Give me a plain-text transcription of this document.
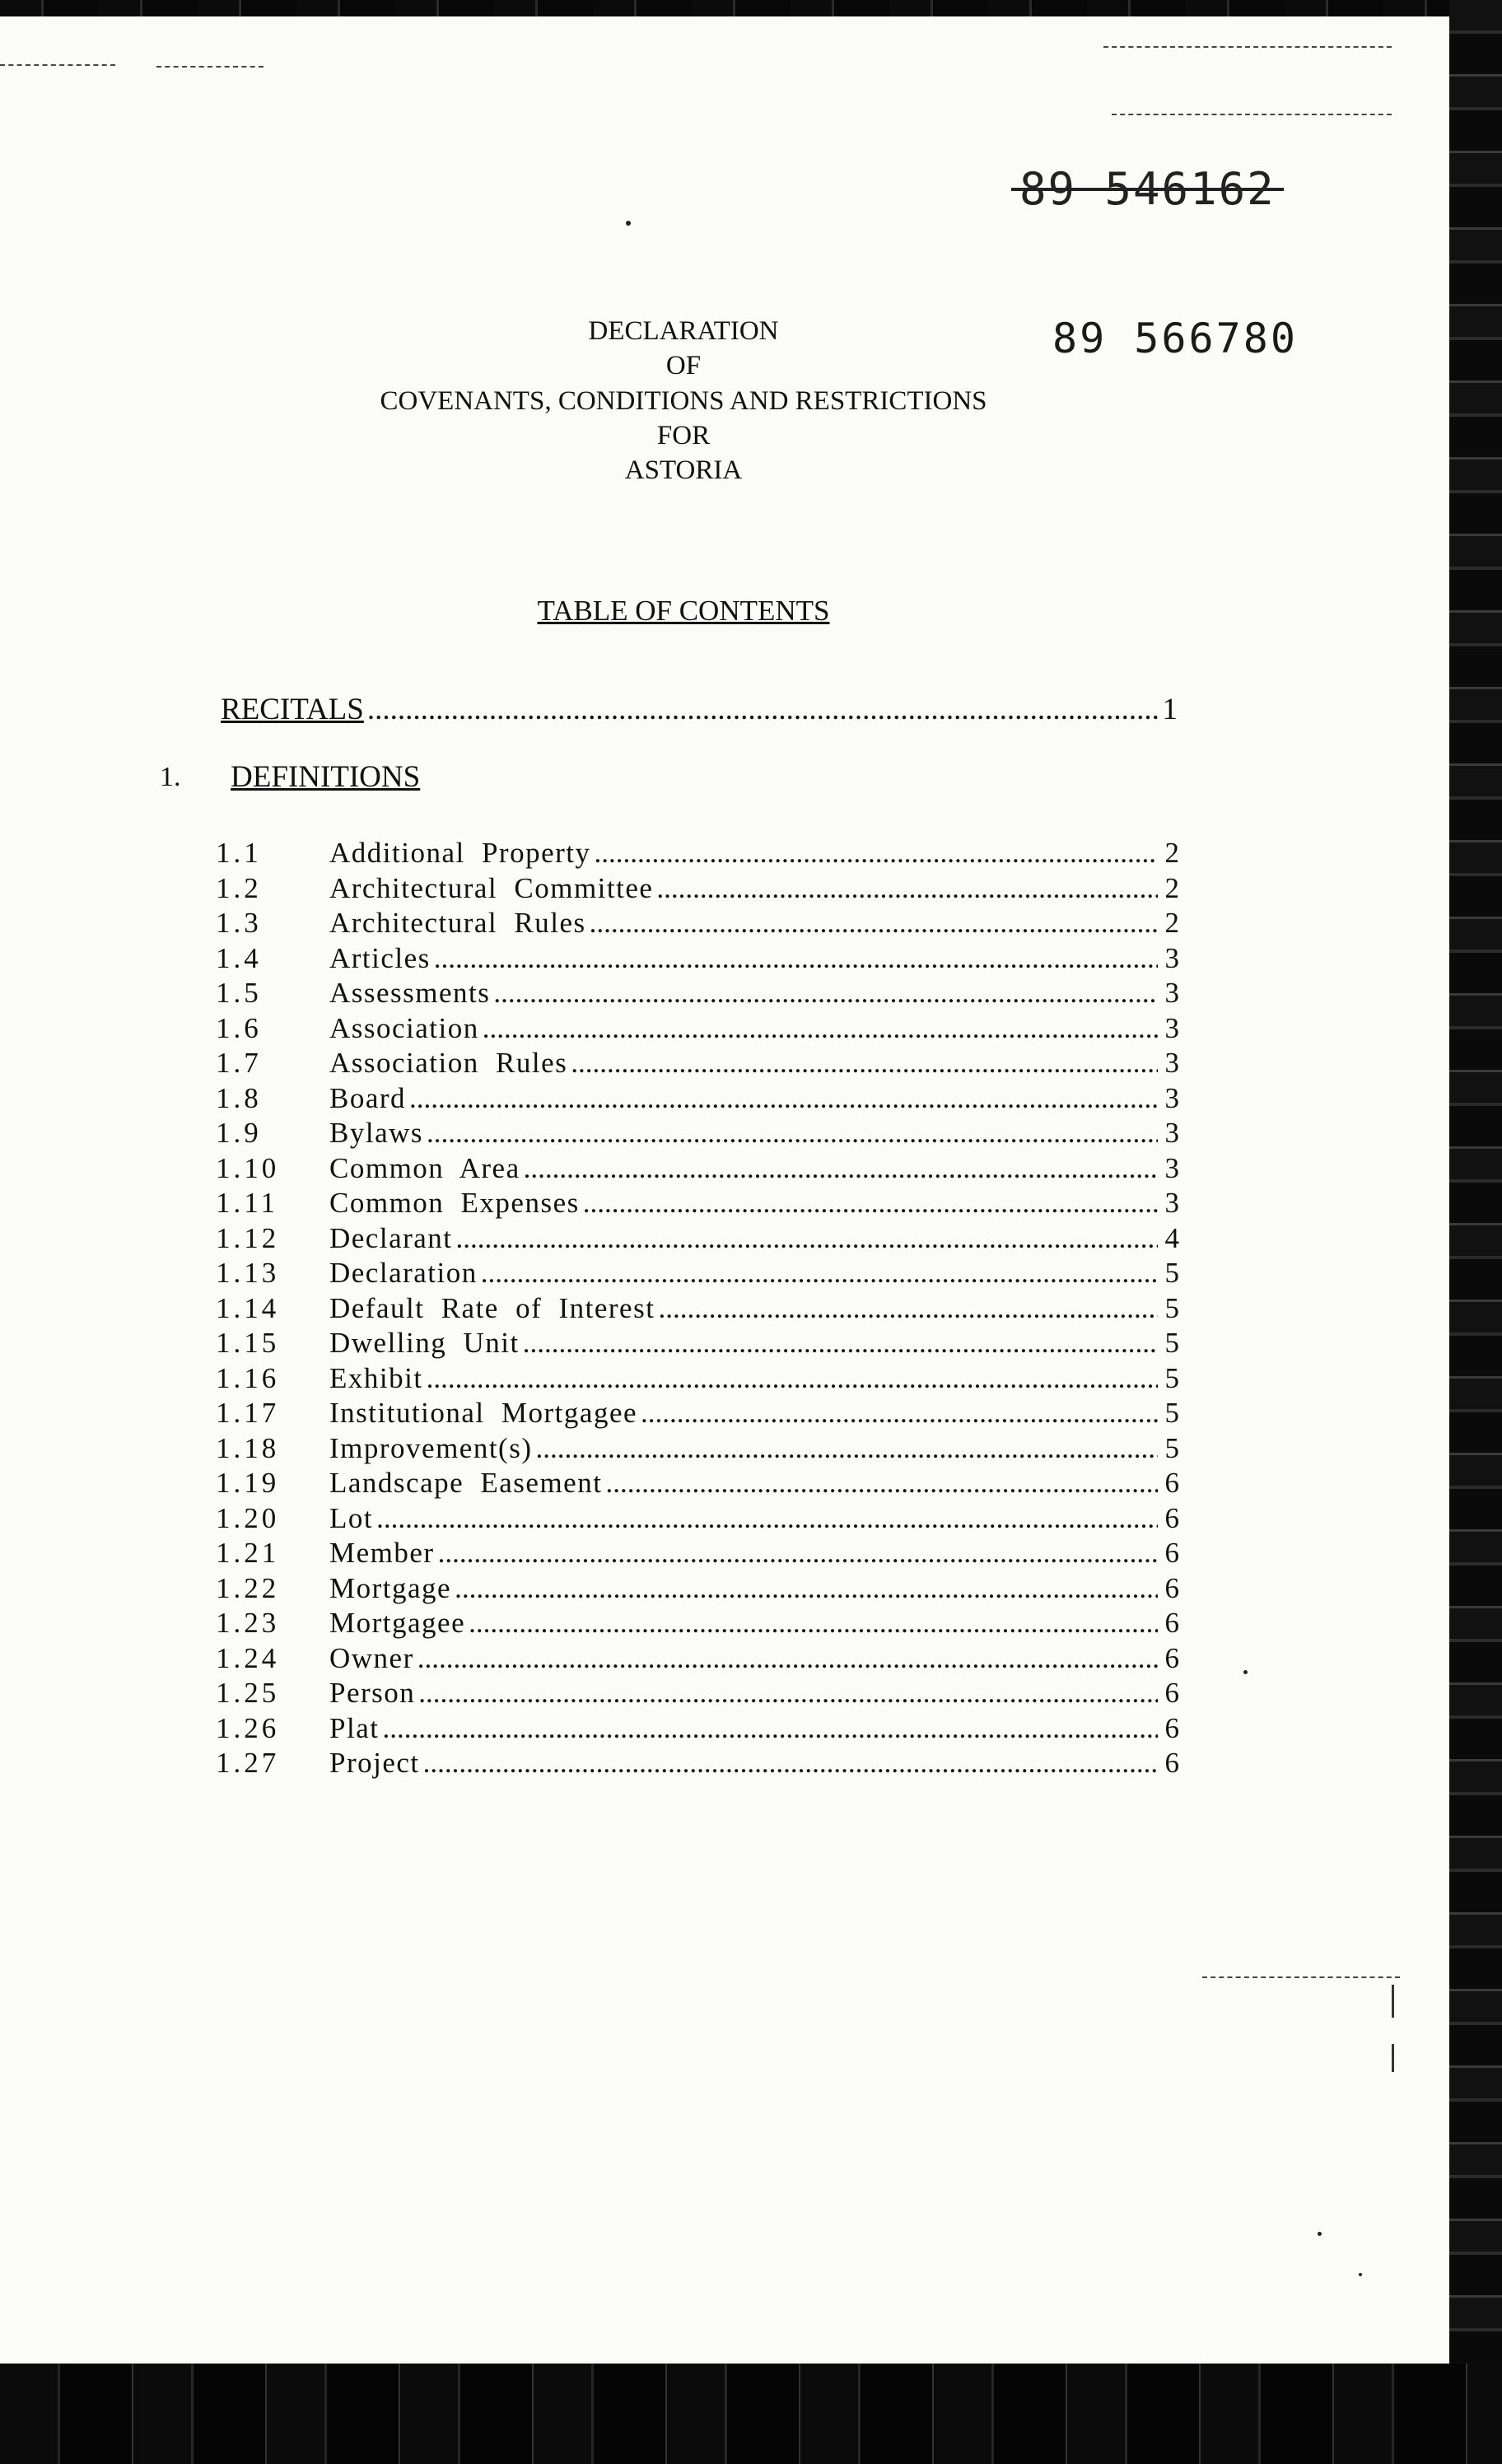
89 546162
89 566780
DECLARATION
OF
COVENANTS, CONDITIONS AND RESTRICTIONS
FOR
ASTORIA
TABLE OF CONTENTS
RECITALS .....	1
1. DEFINITIONS
1.1	Additional Property .....	2
1.2	Architectural Committee .....	2
1.3	Architectural Rules .....	2
1.4	Articles .....	3
1.5	Assessments .....	3
1.6	Association .....	3
1.7	Association Rules .....	3
1.8	Board .....	3
1.9	Bylaws .....	3
1.10	Common Area .....	3
1.11	Common Expenses .....	3
1.12	Declarant .....	4
1.13	Declaration .....	5
1.14	Default Rate of Interest .....	5
1.15	Dwelling Unit .....	5
1.16	Exhibit .....	5
1.17	Institutional Mortgagee .....	5
1.18	Improvement(s) .....	5
1.19	Landscape Easement .....	6
1.20	Lot .....	6
1.21	Member .....	6
1.22	Mortgage .....	6
1.23	Mortgagee .....	6
1.24	Owner .....	6
1.25	Person .....	6
1.26	Plat .....	6
1.27	Project .....	6
